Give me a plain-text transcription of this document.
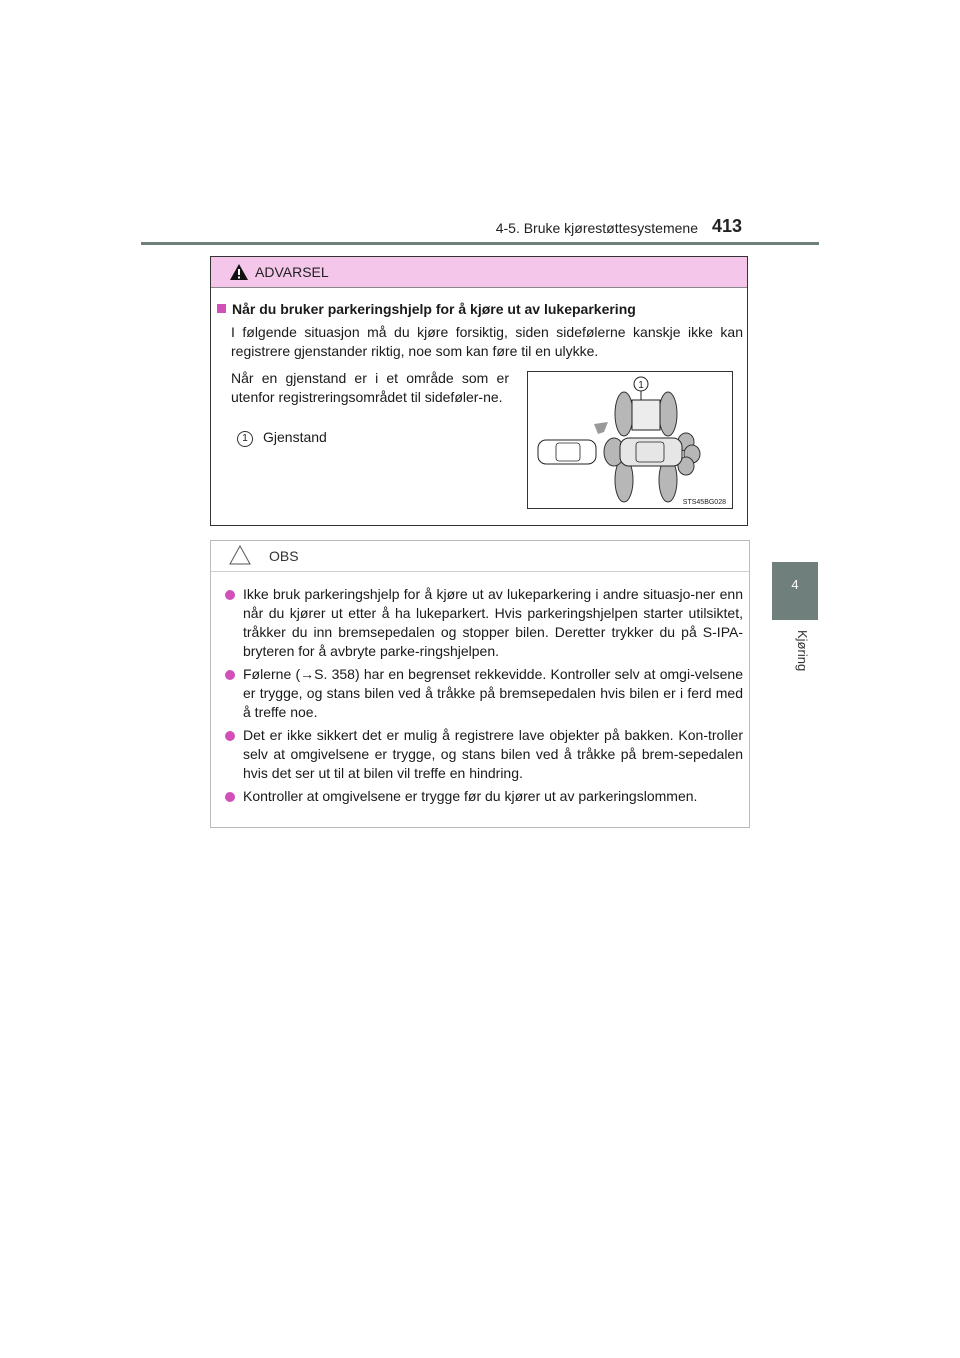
4-5. Bruke kjørestøttesystemene 413
4
Kjøring
ADVARSEL
Når du bruker parkeringshjelp for å kjøre ut av lukeparkering
I følgende situasjon må du kjøre forsiktig, siden sidefølerne kanskje ikke kan registrere gjenstander riktig, noe som kan føre til en ulykke.
Når en gjenstand er i et område som er utenfor registreringsområdet til sideføler-ne.
1 Gjenstand
1
STS45BG028
OBS
Ikke bruk parkeringshjelp for å kjøre ut av lukeparkering i andre situasjo-ner enn når du kjører ut etter å ha lukeparkert. Hvis parkeringshjelpen starter utilsiktet, tråkker du inn bremsepedalen og stopper bilen. Deretter trykker du på S-IPA-bryteren for å avbryte parke-ringshjelpen.
Følerne (→S. 358) har en begrenset rekkevidde. Kontroller selv at omgi-velsene er trygge, og stans bilen ved å tråkke på bremsepedalen hvis bilen er i ferd med å treffe noe.
Det er ikke sikkert det er mulig å registrere lave objekter på bakken. Kon-troller selv at omgivelsene er trygge, og stans bilen ved å tråkke på brem-sepedalen hvis det ser ut til at bilen vil treffe en hindring.
Kontroller at omgivelsene er trygge før du kjører ut av parkeringslommen.
